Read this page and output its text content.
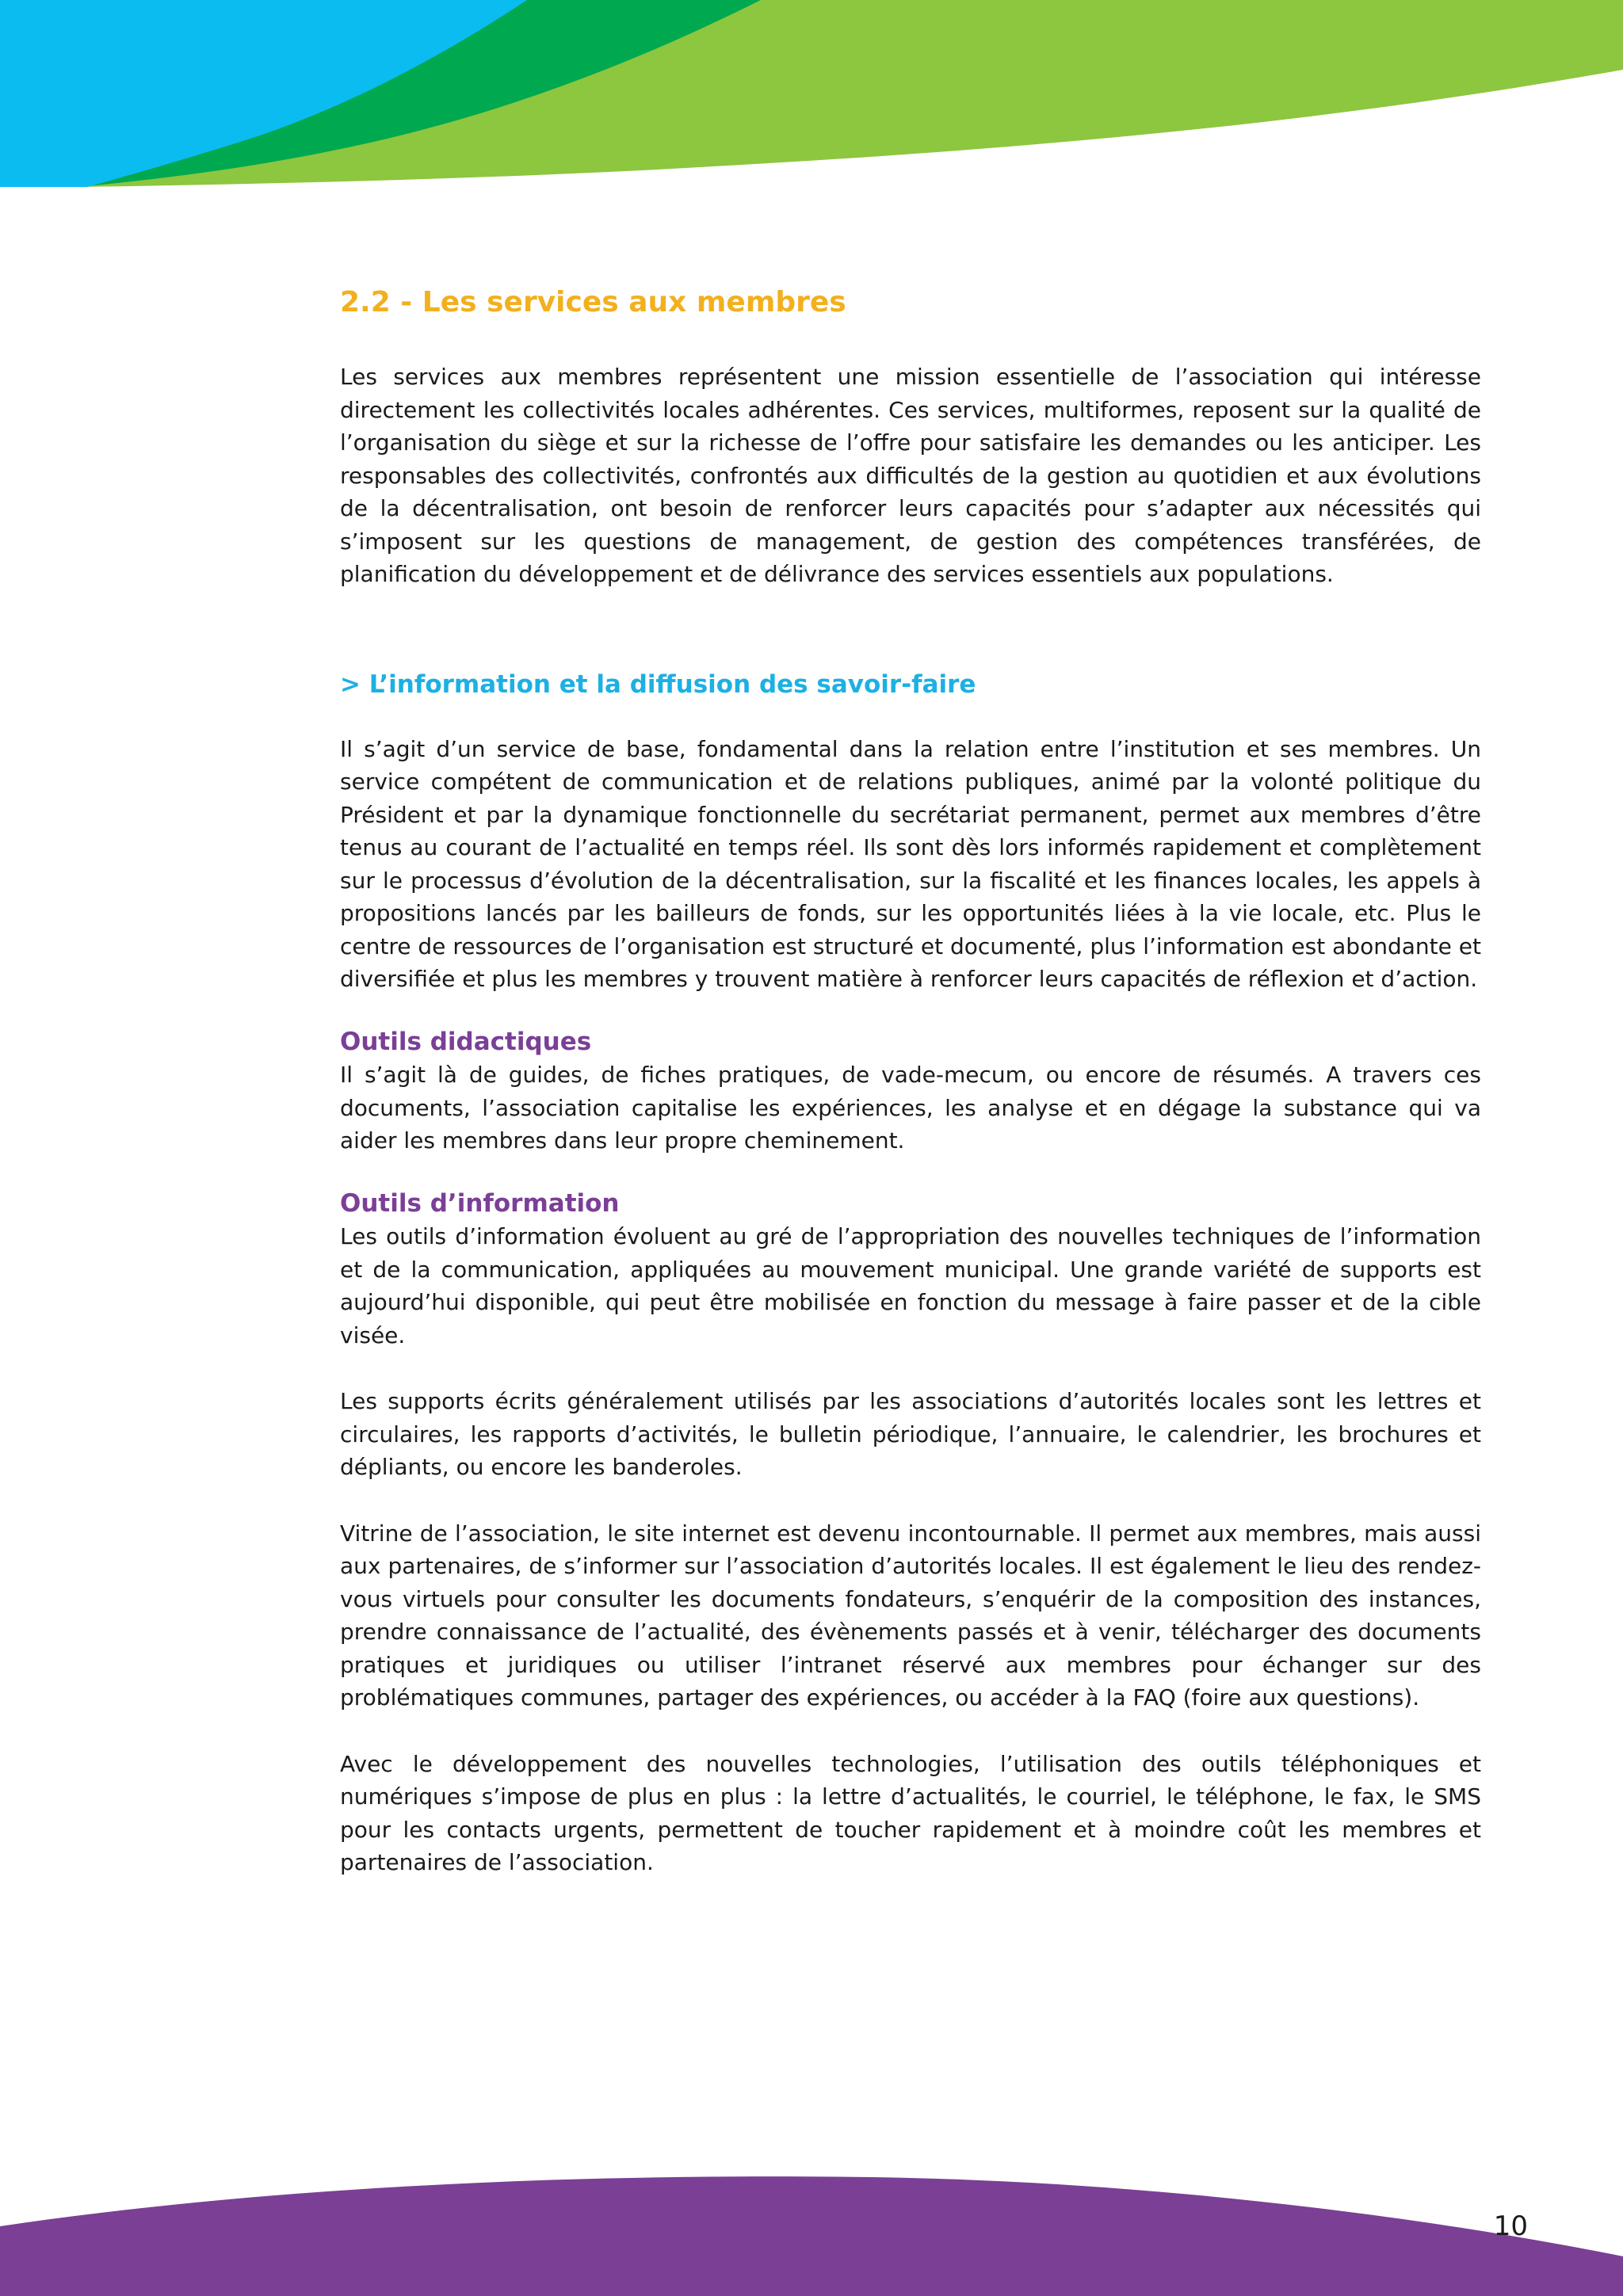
2.2 - Les services aux membres

Les services aux membres représentent une mission essentielle de l’association qui intéresse directement les collectivités locales adhérentes. Ces services, multiformes, reposent sur la qualité de l’organisation du siège et sur la richesse de l’offre pour satisfaire les demandes ou les anticiper. Les responsables des collectivités, confrontés aux difficultés de la gestion au quotidien et aux évolutions de la décentralisation, ont besoin de renforcer leurs capacités pour s’adapter aux nécessités qui s’imposent sur les questions de management, de gestion des compétences transférées, de planification du développement et de délivrance des services essentiels aux populations.

> L’information et la diffusion des savoir-faire

Il s’agit d’un service de base, fondamental dans la relation entre l’institution et ses membres. Un service compétent de communication et de relations publiques, animé par la volonté politique du Président et par la dynamique fonctionnelle du secrétariat permanent, permet aux membres d’être tenus au courant de l’actualité en temps réel. Ils sont dès lors informés rapidement et complètement sur le processus d’évolution de la décentralisation, sur la fiscalité et les finances locales, les appels à propositions lancés par les bailleurs de fonds, sur les opportunités liées à la vie locale, etc. Plus le centre de ressources de l’organisation est structuré et documenté, plus l’information est abondante et diversifiée et plus les membres y trouvent matière à renforcer leurs capacités de réflexion et d’action.

Outils didactiques

Il s’agit là de guides, de fiches pratiques, de vade-mecum, ou encore de résumés. A travers ces documents, l’association capitalise les expériences, les analyse et en dégage la substance qui va aider les membres dans leur propre cheminement.

Outils d’information

Les outils d’information évoluent au gré de l’appropriation des nouvelles techniques de l’information et de la communication, appliquées au mouvement municipal. Une grande variété de supports est aujourd’hui disponible, qui peut être mobilisée en fonction du message à faire passer et de la cible visée.

Les supports écrits généralement utilisés par les associations d’autorités locales sont les lettres et circulaires, les rapports d’activités, le bulletin périodique, l’annuaire, le calendrier, les brochures et dépliants, ou encore les banderoles.

Vitrine de l’association, le site internet est devenu incontournable. Il permet aux membres, mais aussi aux partenaires, de s’informer sur l’association d’autorités locales. Il est également le lieu des rendez-vous virtuels pour consulter les documents fondateurs, s’enquérir de la composition des instances, prendre connaissance de l’actualité, des évènements passés et à venir, télécharger des documents pratiques et juridiques ou utiliser l’intranet réservé aux membres pour échanger sur des problématiques communes, partager des expériences, ou accéder à la FAQ (foire aux questions).

Avec le développement des nouvelles technologies, l’utilisation des outils téléphoniques et numériques s’impose de plus en plus : la lettre d’actualités, le courriel, le téléphone, le fax, le SMS pour les contacts urgents, permettent de toucher rapidement et à moindre coût les membres et partenaires de l’association.

10
